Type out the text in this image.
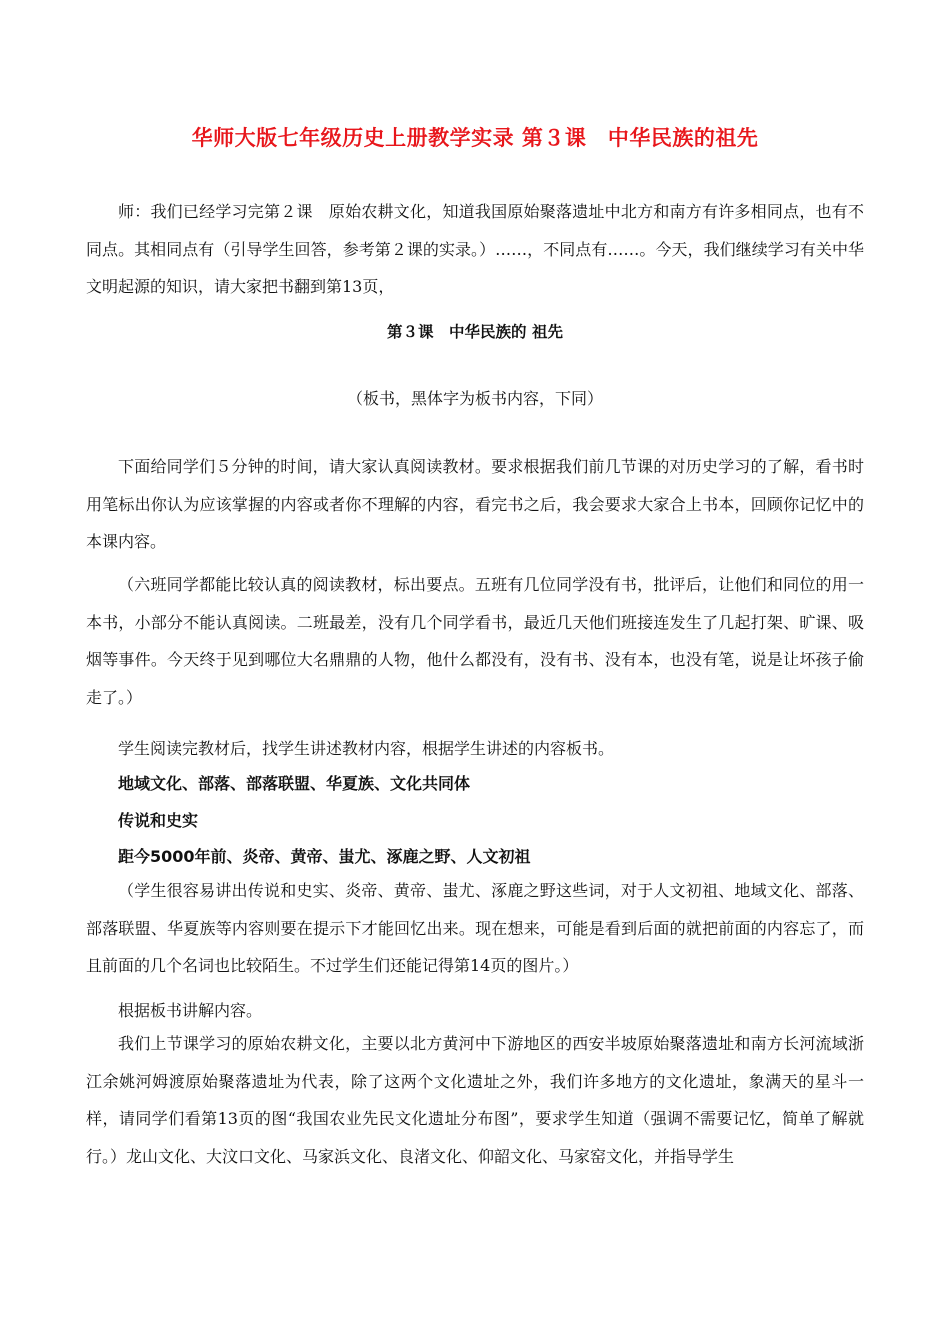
华师大版七年级历史上册教学实录 第３课　中华民族的祖先
师：我们已经学习完第２课　原始农耕文化，知道我国原始聚落遗址中北方和南方有许多相同点，也有不同点。其相同点有（引导学生回答，参考第２课的实录。）……，不同点有……。今天，我们继续学习有关中华文明起源的知识，请大家把书翻到第13页，
第３课　中华民族的 祖先
（板书，黑体字为板书内容，下同）
下面给同学们５分钟的时间，请大家认真阅读教材。要求根据我们前几节课的对历史学习的了解，看书时用笔标出你认为应该掌握的内容或者你不理解的内容，看完书之后，我会要求大家合上书本，回顾你记忆中的本课内容。
（六班同学都能比较认真的阅读教材，标出要点。五班有几位同学没有书，批评后，让他们和同位的用一本书，小部分不能认真阅读。二班最差，没有几个同学看书，最近几天他们班接连发生了几起打架、旷课、吸烟等事件。今天终于见到哪位大名鼎鼎的人物，他什么都没有，没有书、没有本，也没有笔，说是让坏孩子偷走了。）
学生阅读完教材后，找学生讲述教材内容，根据学生讲述的内容板书。
地域文化、部落、部落联盟、华夏族、文化共同体
传说和史实
距今5000年前、炎帝、黄帝、蚩尤、涿鹿之野、人文初祖
（学生很容易讲出传说和史实、炎帝、黄帝、蚩尤、涿鹿之野这些词，对于人文初祖、地域文化、部落、部落联盟、华夏族等内容则要在提示下才能回忆出来。现在想来，可能是看到后面的就把前面的内容忘了，而且前面的几个名词也比较陌生。不过学生们还能记得第14页的图片。）
根据板书讲解内容。
我们上节课学习的原始农耕文化，主要以北方黄河中下游地区的西安半坡原始聚落遗址和南方长河流域浙江余姚河姆渡原始聚落遗址为代表，除了这两个文化遗址之外，我们许多地方的文化遗址，象满天的星斗一样，请同学们看第13页的图“我国农业先民文化遗址分布图”，要求学生知道（强调不需要记忆，简单了解就行。）龙山文化、大汶口文化、马家浜文化、良渚文化、仰韶文化、马家窑文化，并指导学生
